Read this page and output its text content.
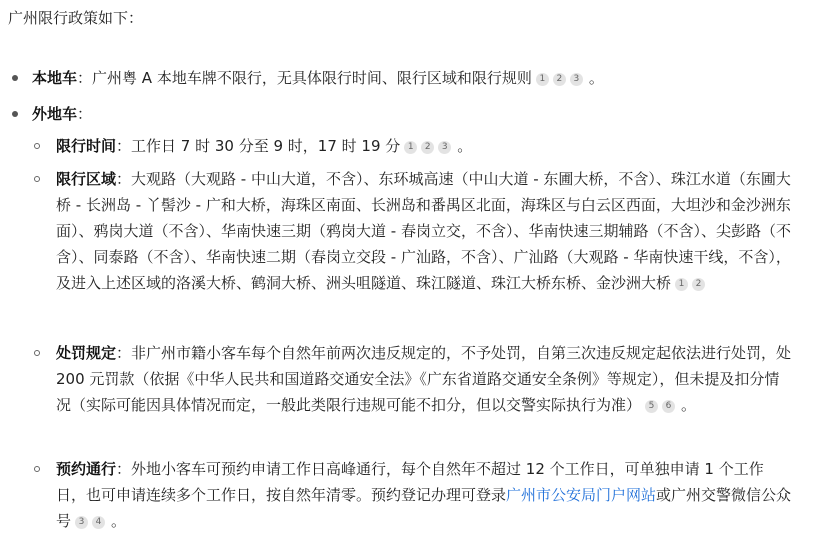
广州限行政策如下：
本地车：广州粤 A 本地车牌不限行，无具体限行时间、限行区域和限行规则 1 2 3 。
外地车：
限行时间：工作日 7 时 30 分至 9 时，17 时 19 分 1 2 3 。
限行区域：大观路（大观路 - 中山大道，不含）、东环城高速（中山大道 - 东圃大桥，不含）、珠江水道（东圃大桥 - 长洲岛 - 丫髻沙 - 广和大桥，海珠区南面、长洲岛和番禺区北面，海珠区与白云区西面，大坦沙和金沙洲东面）、鸦岗大道（不含）、华南快速三期（鸦岗大道 - 春岗立交，不含）、华南快速三期辅路（不含）、尖彭路（不含）、同泰路（不含）、华南快速二期（春岗立交段 - 广汕路，不含）、广汕路（大观路 - 华南快速干线，不含），及进入上述区域的洛溪大桥、鹤洞大桥、洲头咀隧道、珠江隧道、珠江大桥东桥、金沙洲大桥 1 2
处罚规定：非广州市籍小客车每个自然年前两次违反规定的，不予处罚，自第三次违反规定起依法进行处罚，处 200 元罚款（依据《中华人民共和国道路交通安全法》《广东省道路交通安全条例》等规定），但未提及扣分情况（实际可能因具体情况而定，一般此类限行违规可能不扣分，但以交警实际执行为准） 5 6 。
预约通行：外地小客车可预约申请工作日高峰通行，每个自然年不超过 12 个工作日，可单独申请 1 个工作日，也可申请连续多个工作日，按自然年清零。预约登记办理可登录广州市公安局门户网站或广州交警微信公众号 3 4 。
